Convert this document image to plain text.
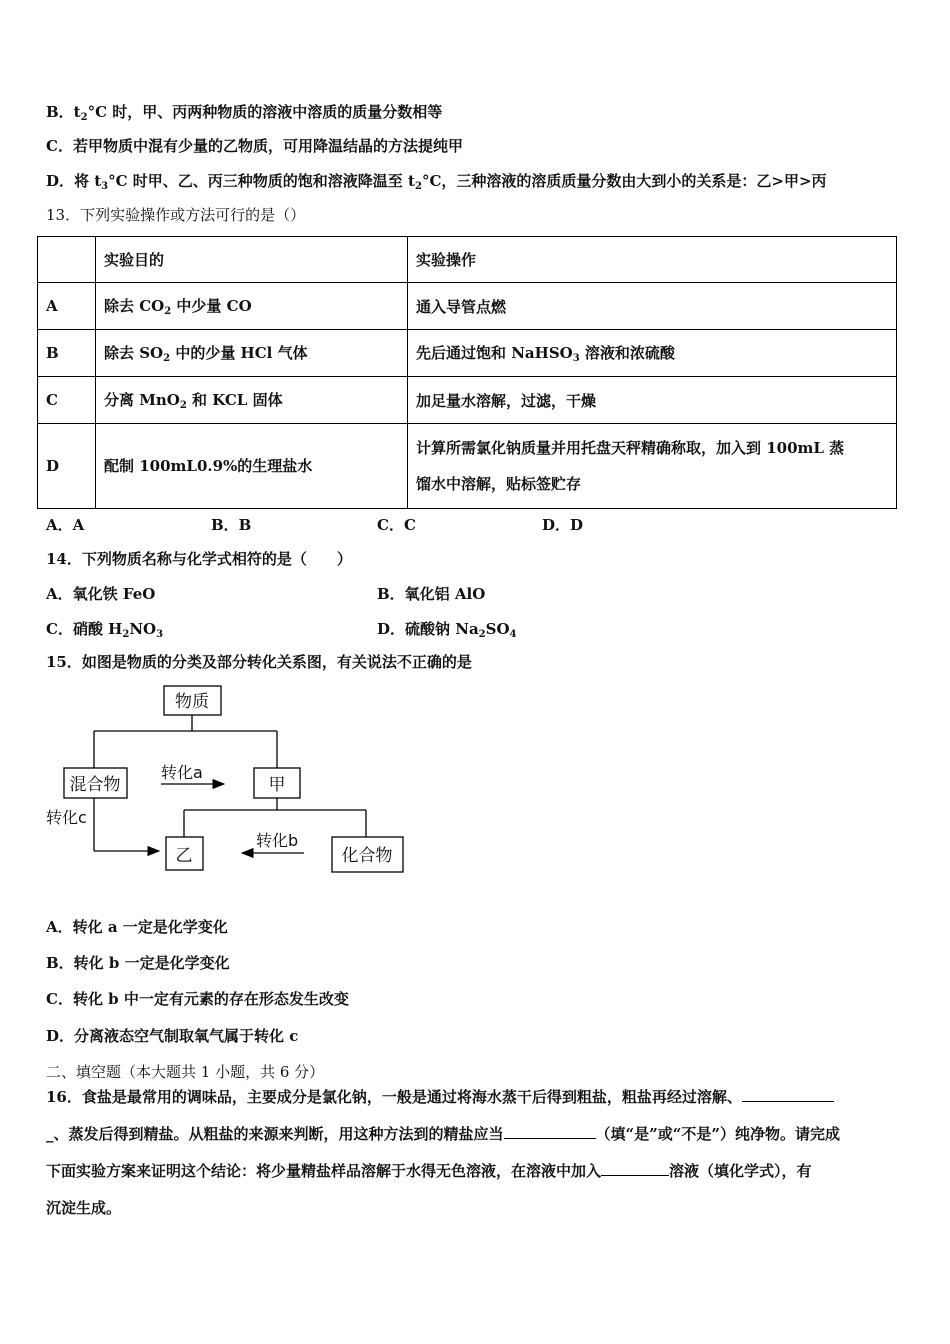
B．$t_2^\circ C$ 时，甲、丙两种物质的溶液中溶质的质量分数相等
C．若甲物质中混有少量的乙物质，可用降温结晶的方法提纯甲
D．将 $t_3^\circ C$ 时甲、乙、丙三种物质的饱和溶液降温至 $t_2^\circ C$，三种溶液的溶质质量分数由大到小的关系是：乙>甲>丙
13．下列实验操作或方法可行的是（）
	实验目的	实验操作
A	除去 $CO_2$ 中少量 CO	通入导管点燃
B	除去 $SO_2$ 中的少量 HCl 气体	先后通过饱和 NaHSO$_3$ 溶液和浓硫酸
C	分离 MnO$_2$ 和 KCL 固体	加足量水溶解，过滤，干燥
D	配制 100mL0.9%的生理盐水	计算所需氯化钠质量并用托盘天秤精确称取，加入到 100mL 蒸
馏水中溶解，贴标签贮存
A．A	B．B	C．C	D．D
14．下列物质名称与化学式相符的是（　　）
A．氧化铁 FeO	B．氧化铝 AlO
C．硝酸 $H_2NO_3$	D．硫酸钠 $Na_2SO_4$
15．如图是物质的分类及部分转化关系图，有关说法不正确的是
物质
混合物	甲
乙	化合物
转化a
转化b
转化c
A．转化 a 一定是化学变化
B．转化 b 一定是化学变化
C．转化 b 中一定有元素的存在形态发生改变
D．分离液态空气制取氧气属于转化 c
二、填空题（本大题共 1 小题，共 6 分）
16．食盐是最常用的调味品，主要成分是氯化钠，一般是通过将海水蒸干后得到粗盐，粗盐再经过溶解、
_、蒸发后得到精盐。从粗盐的来源来判断，用这种方法到的精盐应当	（填“是”或“不是”）纯净物。请完成
下面实验方案来证明这个结论：将少量精盐样品溶解于水得无色溶液，在溶液中加入	溶液（填化学式），有
沉淀生成。
